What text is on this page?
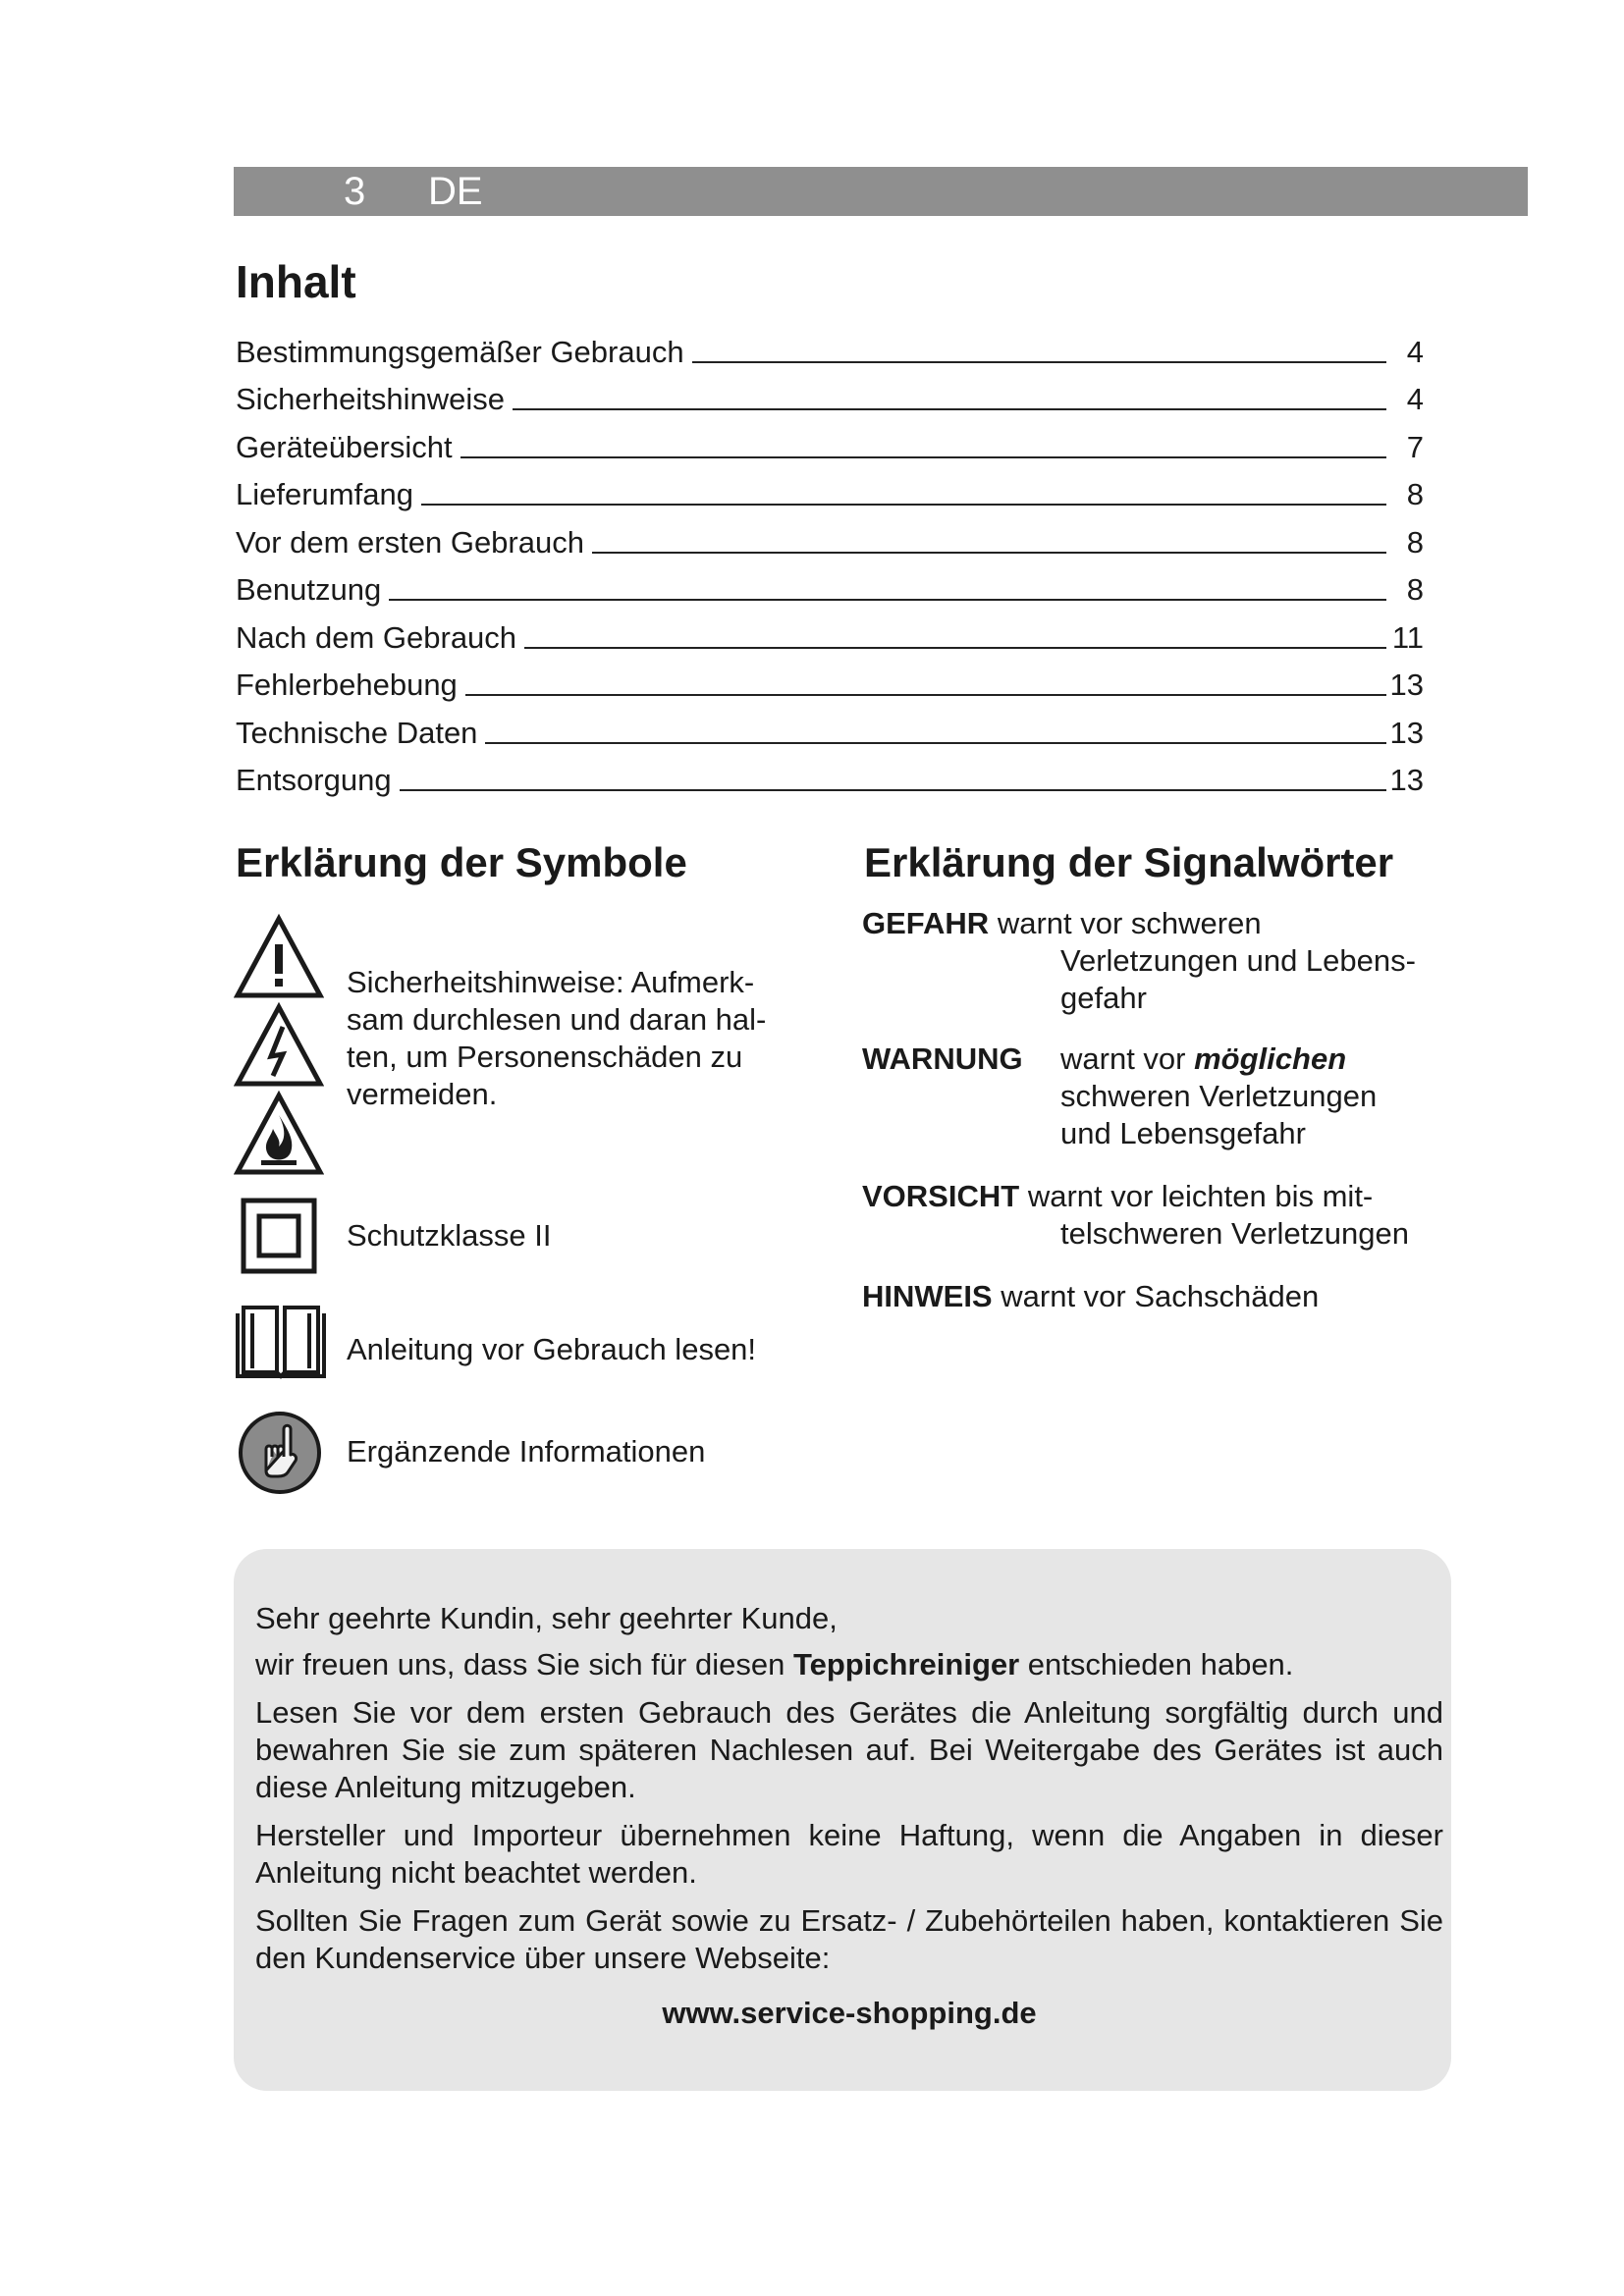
3 DE
Inhalt
Bestimmungsgemäßer Gebrauch	4
Sicherheitshinweise	4
Geräteübersicht	7
Lieferumfang	8
Vor dem ersten Gebrauch	8
Benutzung	8
Nach dem Gebrauch	11
Fehlerbehebung	13
Technische Daten	13
Entsorgung	13
Erklärung der Symbole	Erklärung der Signalwörter
Sicherheitshinweise: Aufmerk-
sam durchlesen und daran hal-
ten, um Personenschäden zu
vermeiden.
Schutzklasse II
Anleitung vor Gebrauch lesen!
Ergänzende Informationen
GEFAHR warnt vor schweren
Verletzungen und Lebens-
gefahr
WARNUNG warnt vor möglichen
schweren Verletzungen
und Lebensgefahr
VORSICHT warnt vor leichten bis mit-
telschweren Verletzungen
HINWEIS warnt vor Sachschäden

Sehr geehrte Kundin, sehr geehrter Kunde,

wir freuen uns, dass Sie sich für diesen Teppichreiniger entschieden haben.

Lesen Sie vor dem ersten Gebrauch des Gerätes die Anleitung sorgfältig durch und bewahren Sie sie zum späteren Nachlesen auf. Bei Weitergabe des Gerätes ist auch diese Anleitung mitzugeben.

Hersteller und Importeur übernehmen keine Haftung, wenn die Angaben in dieser Anleitung nicht beachtet werden.

Sollten Sie Fragen zum Gerät sowie zu Ersatz- / Zubehörteilen haben, kontaktieren Sie den Kundenservice über unsere Webseite:

www.service-shopping.de
